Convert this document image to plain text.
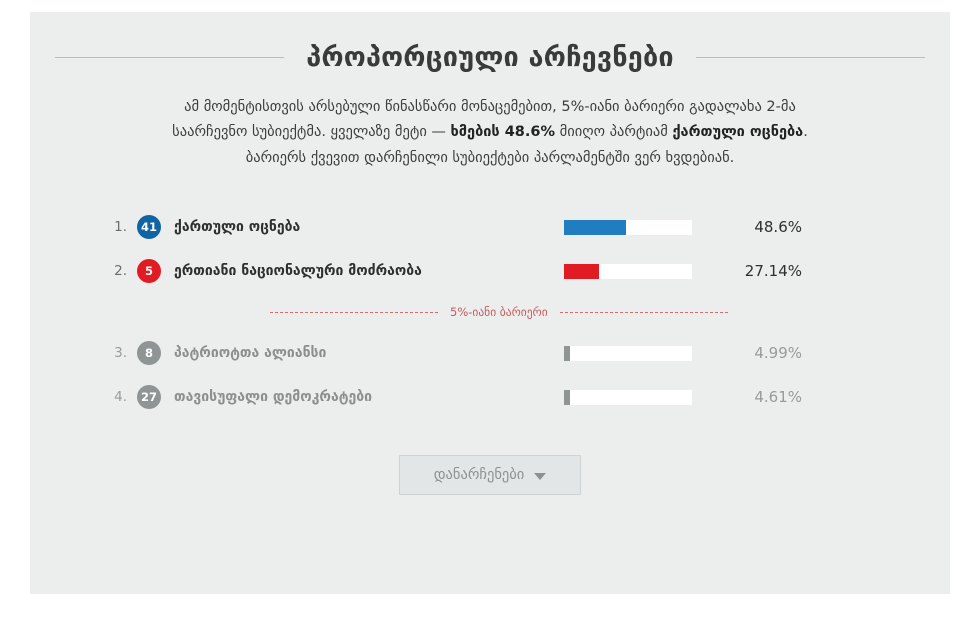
პროპორციული არჩევნები
ამ მომენტისთვის არსებული წინასწარი მონაცემებით, 5%-იანი ბარიერი გადალახა 2-მა საარჩევნო სუბიექტმა. ყველაზე მეტი — ხმების 48.6% მიიღო პარტიამ ქართული ოცნება. ბარიერს ქვევით დარჩენილი სუბიექტები პარლამენტში ვერ ხვდებიან.
1.	41 ქართული ოცნება	48.6%
2.	5	ერთიანი ნაციონალური მოძრაობა	27.14%
5%-იანი ბარიერი
3.	8	პატრიოტთა ალიანსი	4.99%
4.	27 თავისუფალი დემოკრატები	4.61%
დანარჩენები
